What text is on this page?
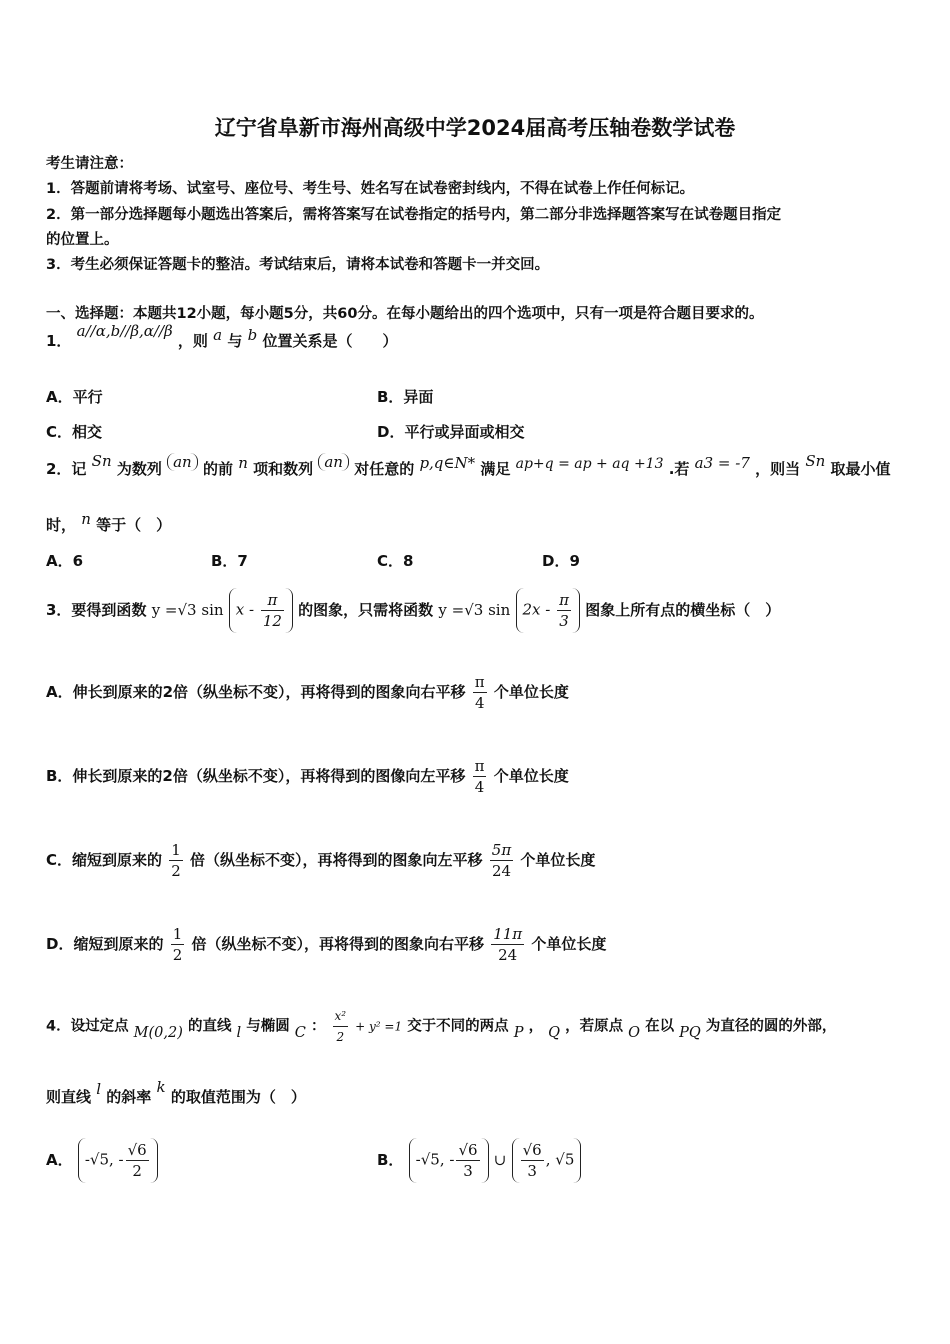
辽宁省阜新市海州高级中学2024届高考压轴卷数学试卷
考生请注意：
1．答题前请将考场、试室号、座位号、考生号、姓名写在试卷密封线内，不得在试卷上作任何标记。
2．第一部分选择题每小题选出答案后，需将答案写在试卷指定的括号内，第二部分非选择题答案写在试卷题目指定
的位置上。
3．考生必须保证答题卡的整洁。考试结束后，请将本试卷和答题卡一并交回。
一、选择题：本题共12小题，每小题5分，共60分。在每小题给出的四个选项中，只有一项是符合题目要求的。
1． a//α,b//β,α//β ，则 a 与 b 位置关系是（　　）
A．平行	B．异面
C．相交	D．平行或异面或相交
2．记 Sn 为数列 an 的前 n 项和数列 an 对任意的 p,q∈N* 满足 ap+q = ap + aq +13 .若 a3 = -7 ，则当 Sn 取最小值
时， n 等于（　）
A．6	B．7	C．8	D．9
3．要得到函数 y =√3 sin x - $\frac{\pi}{12}$ 的图象，只需将函数 y =√3 $\sin 2x - \frac{\pi}{3}$ 图象上所有点的横坐标（　）
A．伸长到原来的2倍（纵坐标不变），再将得到的图象向右平移 $\frac{\pi}{4}$ 个单位长度
B．伸长到原来的2倍（纵坐标不变），再将得到的图像向左平移 $\frac{\pi}{4}$ 个单位长度
C．缩短到原来的 $\frac{1}{2}$ 倍（纵坐标不变），再将得到的图象向左平移 $\frac{5\pi}{24}$ 个单位长度
D．缩短到原来的 $\frac{1}{2}$ 倍（纵坐标不变），再将得到的图象向右平移 $\frac{11\pi}{24}$ 个单位长度
4．设过定点 M(0,2) 的直线 l 与椭圆 C ： $\frac{\text{x²}}{2} + y^2 =1$ 交于不同的两点 P ， Q ，若原点 O 在以 PQ 为直径的圆的外部，
则直线 l 的斜率 k 的取值范围为（　）
A． -√5, - $\frac{√6}{2}$	B． -√5, - $\frac{√6}{3}$ ∪ $\frac{√6}{3}$ , √5
